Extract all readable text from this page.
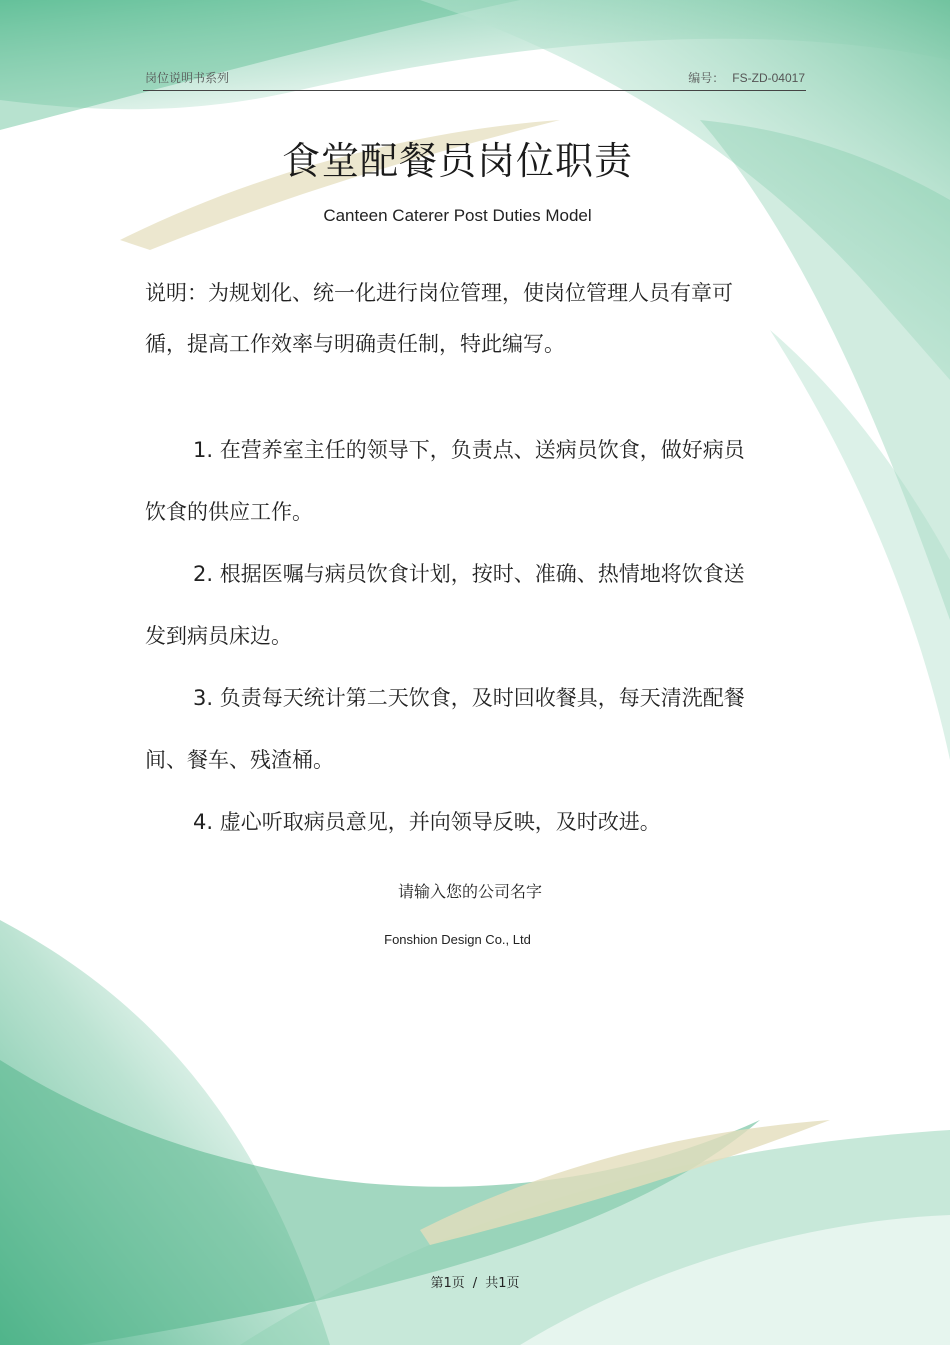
岗位说明书系列	编号： FS-ZD-04017
食堂配餐员岗位职责
Canteen Caterer Post Duties Model
说明：为规划化、统一化进行岗位管理，使岗位管理人员有章可循，提高工作效率与明确责任制，特此编写。

1. 在营养室主任的领导下，负责点、送病员饮食，做好病员饮食的供应工作。

2. 根据医嘱与病员饮食计划，按时、准确、热情地将饮食送发到病员床边。

3. 负责每天统计第二天饮食，及时回收餐具，每天清洗配餐间、餐车、残渣桶。

4. 虚心听取病员意见，并向领导反映，及时改进。

请输入您的公司名字
Fonshion Design Co., Ltd
第1页 / 共1页
